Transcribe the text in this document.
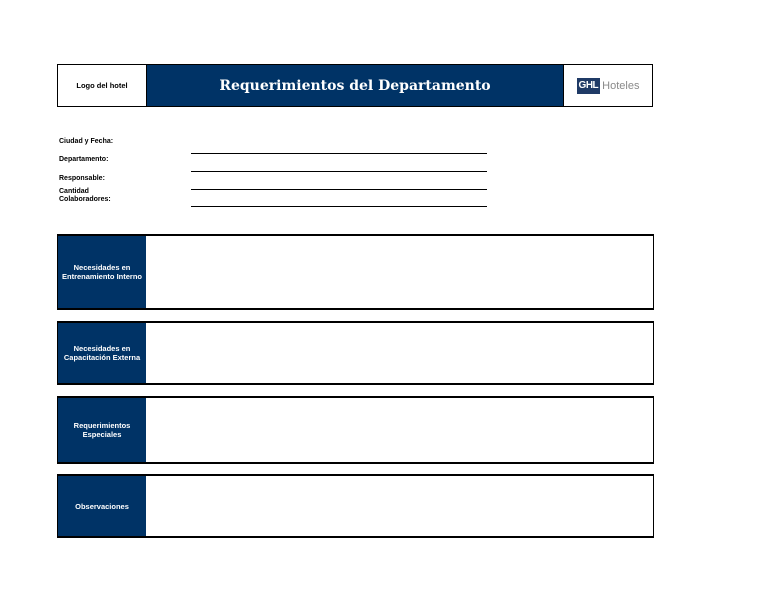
Logo del hotel	Requerimientos del Departamento	GHL Hoteles
Ciudad y Fecha:
Departamento:
Responsable:
Cantidad Colaboradores:
Necesidades en Entrenamiento Interno
Necesidades en Capacitación Externa
Requerimientos Especiales
Observaciones
